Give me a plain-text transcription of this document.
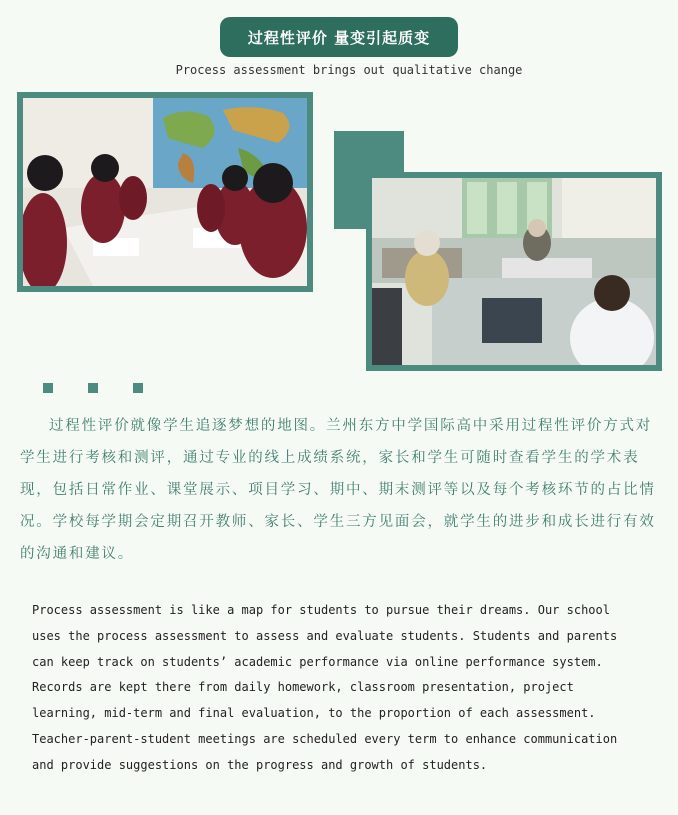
过程性评价 量变引起质变
Process assessment brings out qualitative change

过程性评价就像学生追逐梦想的地图。兰州东方中学国际高中采用过程性评价方式对学生进行考核和测评，通过专业的线上成绩系统，家长和学生可随时查看学生的学术表现，包括日常作业、课堂展示、项目学习、期中、期末测评等以及每个考核环节的占比情况。学校每学期会定期召开教师、家长、学生三方见面会，就学生的进步和成长进行有效的沟通和建议。

Process assessment is like a map for students to pursue their dreams. Our school
uses the process assessment to assess and evaluate students. Students and parents
can keep track on students’ academic performance via online performance system.
Records are kept there from daily homework, classroom presentation, project
learning, mid-term and final evaluation, to the proportion of each assessment.
Teacher-parent-student meetings are scheduled every term to enhance communication
and provide suggestions on the progress and growth of students.
